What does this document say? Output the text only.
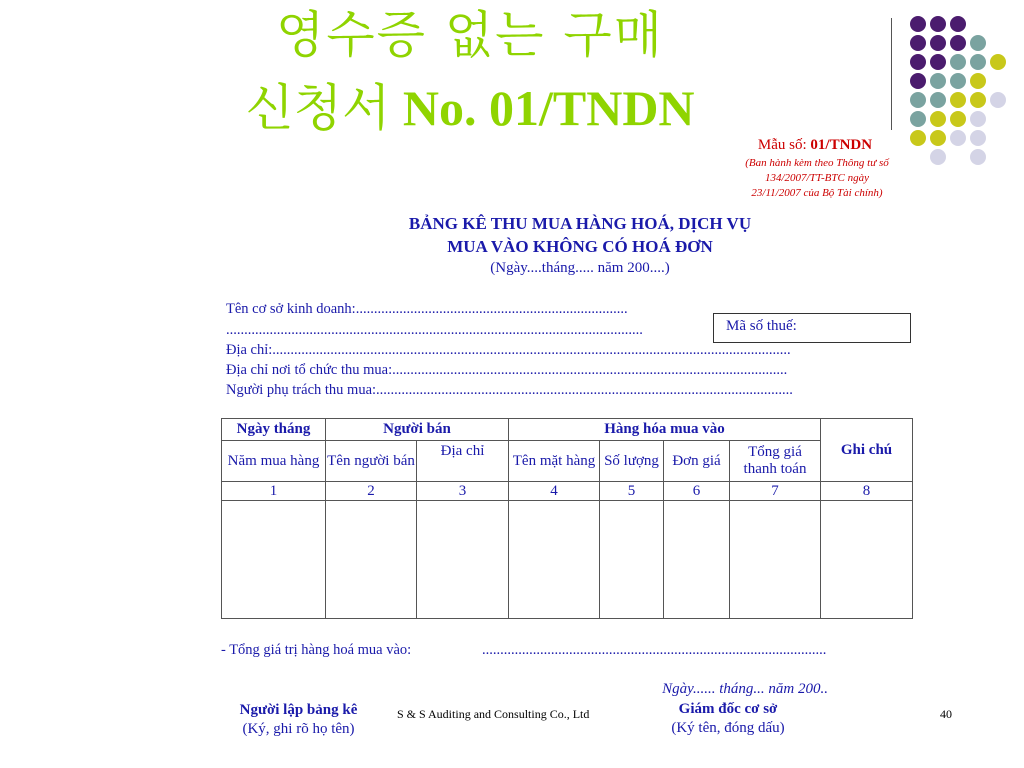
영수증 없는 구매
신청서 No. 01/TNDN
Mẫu số: 01/TNDN
(Ban hành kèm theo Thông tư số
134/2007/TT-BTC ngày
23/11/2007 của Bộ Tài chính)
BẢNG KÊ THU MUA HÀNG HOÁ, DỊCH VỤ
MUA VÀO KHÔNG CÓ HOÁ ĐƠN
(Ngày....tháng..... năm 200....)
Tên cơ sở kinh doanh:...........................................................................
...................................................................................................................	Mã số thuế:
Địa chỉ:...............................................................................................................................................
Địa chỉ nơi tổ chức thu mua:.............................................................................................................
Người phụ trách thu mua:...................................................................................................................
Ngày tháng	Người bán		Hàng hóa mua vào				Ghi chú
Năm mua hàng	Tên người bán	Địa chỉ	Tên mặt hàng	Số lượng	Đơn giá	Tổng giá thanh toán	
1	2	3	4	5	6	7	8

- Tổng giá trị hàng hoá mua vào:	...............................................................................................
Người lập bảng kê
(Ký, ghi rõ họ tên)
Ngày...... tháng... năm 200..
Giám đốc cơ sở
(Ký tên, đóng dấu)
S & S Auditing and Consulting Co., Ltd	40
